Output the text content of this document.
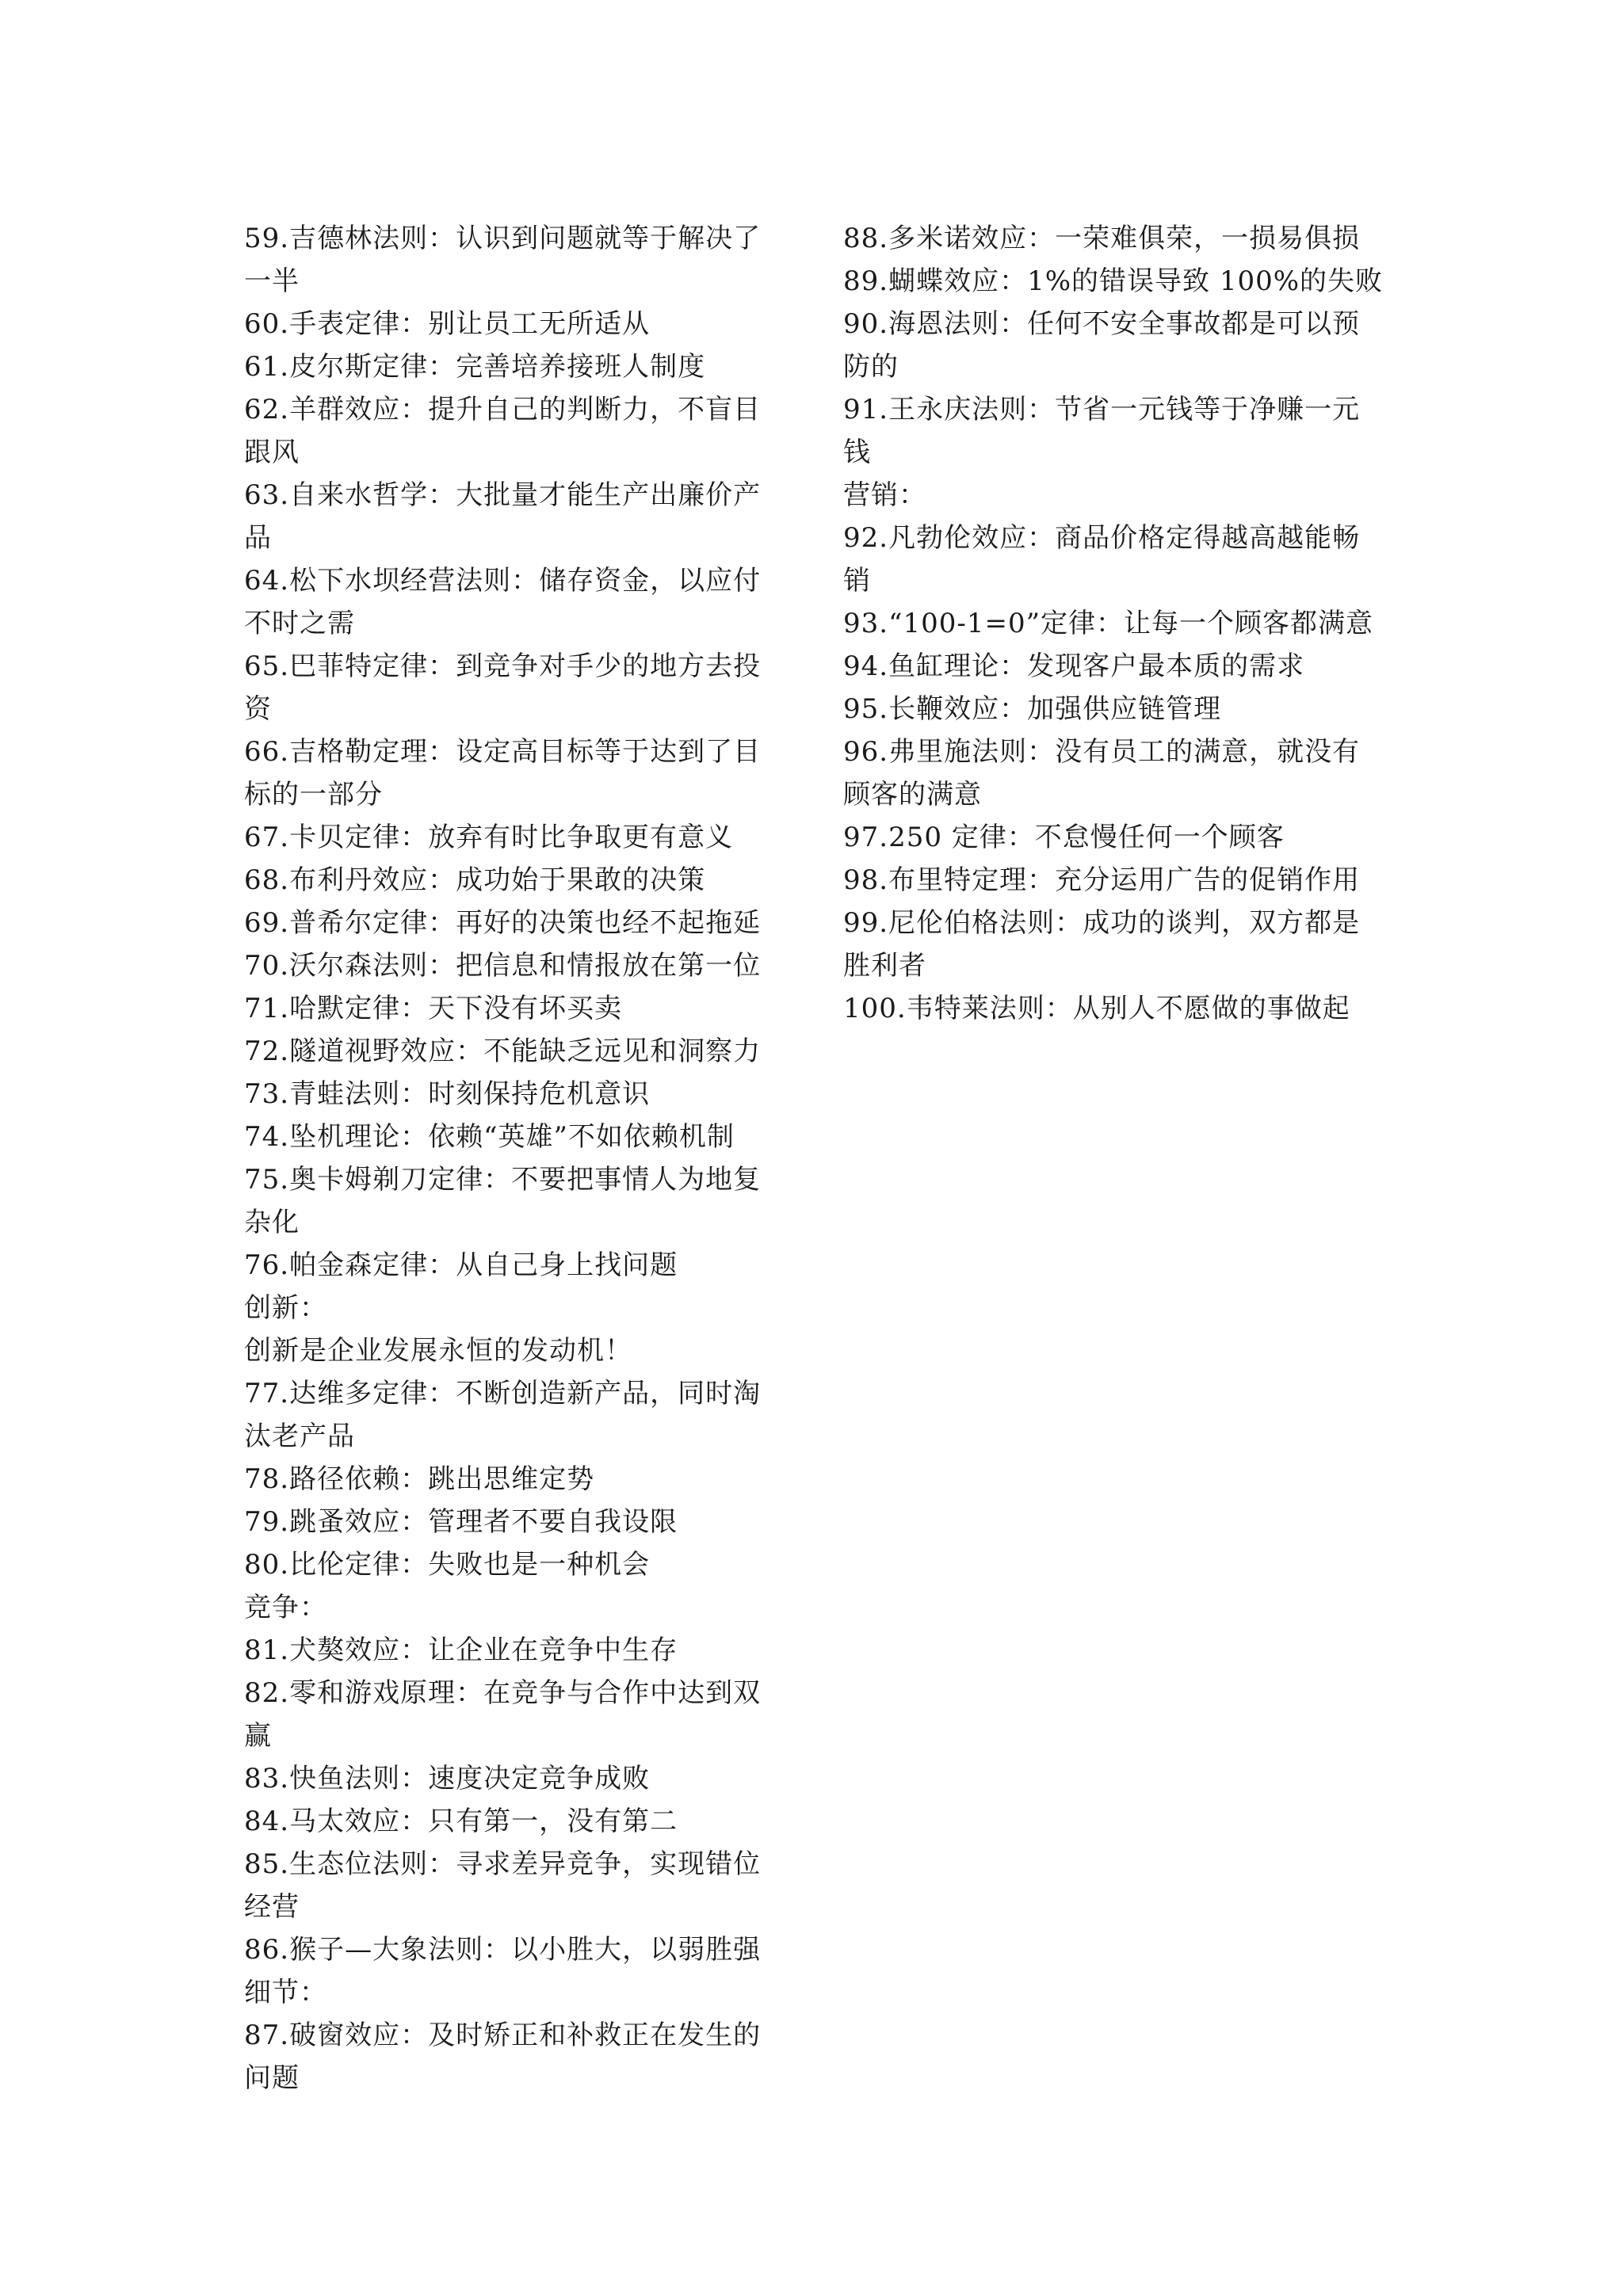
59.吉德林法则：认识到问题就等于解决了
一半
60.手表定律：别让员工无所适从
61.皮尔斯定律：完善培养接班人制度
62.羊群效应：提升自己的判断力，不盲目
跟风
63.自来水哲学：大批量才能生产出廉价产
品
64.松下水坝经营法则：储存资金，以应付
不时之需
65.巴菲特定律：到竞争对手少的地方去投
资
66.吉格勒定理：设定高目标等于达到了目
标的一部分
67.卡贝定律：放弃有时比争取更有意义
68.布利丹效应：成功始于果敢的决策
69.普希尔定律：再好的决策也经不起拖延
70.沃尔森法则：把信息和情报放在第一位
71.哈默定律：天下没有坏买卖
72.隧道视野效应：不能缺乏远见和洞察力
73.青蛙法则：时刻保持危机意识
74.坠机理论：依赖“英雄”不如依赖机制
75.奥卡姆剃刀定律：不要把事情人为地复
杂化
76.帕金森定律：从自己身上找问题
创新：
创新是企业发展永恒的发动机！
77.达维多定律：不断创造新产品，同时淘
汰老产品
78.路径依赖：跳出思维定势
79.跳蚤效应：管理者不要自我设限
80.比伦定律：失败也是一种机会
竞争：
81.犬獒效应：让企业在竞争中生存
82.零和游戏原理：在竞争与合作中达到双
赢
83.快鱼法则：速度决定竞争成败
84.马太效应：只有第一，没有第二
85.生态位法则：寻求差异竞争，实现错位
经营
86.猴子—大象法则：以小胜大，以弱胜强
细节：
87.破窗效应：及时矫正和补救正在发生的
问题
88.多米诺效应：一荣难俱荣，一损易俱损
89.蝴蝶效应：1%的错误导致 100%的失败
90.海恩法则：任何不安全事故都是可以预
防的
91.王永庆法则：节省一元钱等于净赚一元
钱
营销：
92.凡勃伦效应：商品价格定得越高越能畅
销
93.“100-1=0”定律：让每一个顾客都满意
94.鱼缸理论：发现客户最本质的需求
95.长鞭效应：加强供应链管理
96.弗里施法则：没有员工的满意，就没有
顾客的满意
97.250 定律：不怠慢任何一个顾客
98.布里特定理：充分运用广告的促销作用
99.尼伦伯格法则：成功的谈判，双方都是
胜利者
100.韦特莱法则：从别人不愿做的事做起
